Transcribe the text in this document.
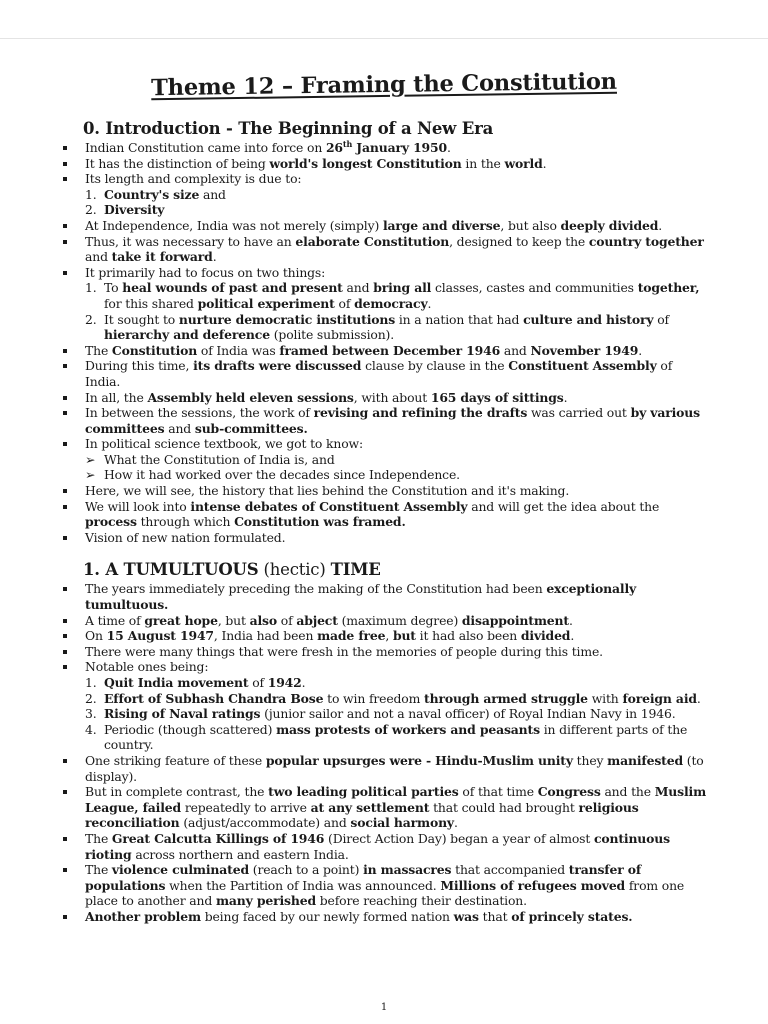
Theme 12 – Framing the Constitution
0. Introduction - The Beginning of a New Era
Indian Constitution came into force on 26th January 1950.
It has the distinction of being world's longest Constitution in the world.
Its length and complexity is due to:
1. Country's size and
2. Diversity
At Independence, India was not merely (simply) large and diverse, but also deeply divided.
Thus, it was necessary to have an elaborate Constitution, designed to keep the country together and take it forward.
It primarily had to focus on two things:
1. To heal wounds of past and present and bring all classes, castes and communities together, for this shared political experiment of democracy.
2. It sought to nurture democratic institutions in a nation that had culture and history of hierarchy and deference (polite submission).
The Constitution of India was framed between December 1946 and November 1949.
During this time, its drafts were discussed clause by clause in the Constituent Assembly of India.
In all, the Assembly held eleven sessions, with about 165 days of sittings.
In between the sessions, the work of revising and refining the drafts was carried out by various committees and sub-committees.
In political science textbook, we got to know:
➢ What the Constitution of India is, and
➢ How it had worked over the decades since Independence.
Here, we will see, the history that lies behind the Constitution and it's making.
We will look into intense debates of Constituent Assembly and will get the idea about the process through which Constitution was framed.
Vision of new nation formulated.
1. A TUMULTUOUS (hectic) TIME
The years immediately preceding the making of the Constitution had been exceptionally tumultuous.
A time of great hope, but also of abject (maximum degree) disappointment.
On 15 August 1947, India had been made free, but it had also been divided.
There were many things that were fresh in the memories of people during this time.
Notable ones being:
1. Quit India movement of 1942.
2. Effort of Subhash Chandra Bose to win freedom through armed struggle with foreign aid.
3. Rising of Naval ratings (junior sailor and not a naval officer) of Royal Indian Navy in 1946.
4. Periodic (though scattered) mass protests of workers and peasants in different parts of the country.
One striking feature of these popular upsurges were - Hindu-Muslim unity they manifested (to display).
But in complete contrast, the two leading political parties of that time Congress and the Muslim League, failed repeatedly to arrive at any settlement that could had brought religious reconciliation (adjust/accommodate) and social harmony.
The Great Calcutta Killings of 1946 (Direct Action Day) began a year of almost continuous rioting across northern and eastern India.
The violence culminated (reach to a point) in massacres that accompanied transfer of populations when the Partition of India was announced. Millions of refugees moved from one place to another and many perished before reaching their destination.
Another problem being faced by our newly formed nation was that of princely states.
1
